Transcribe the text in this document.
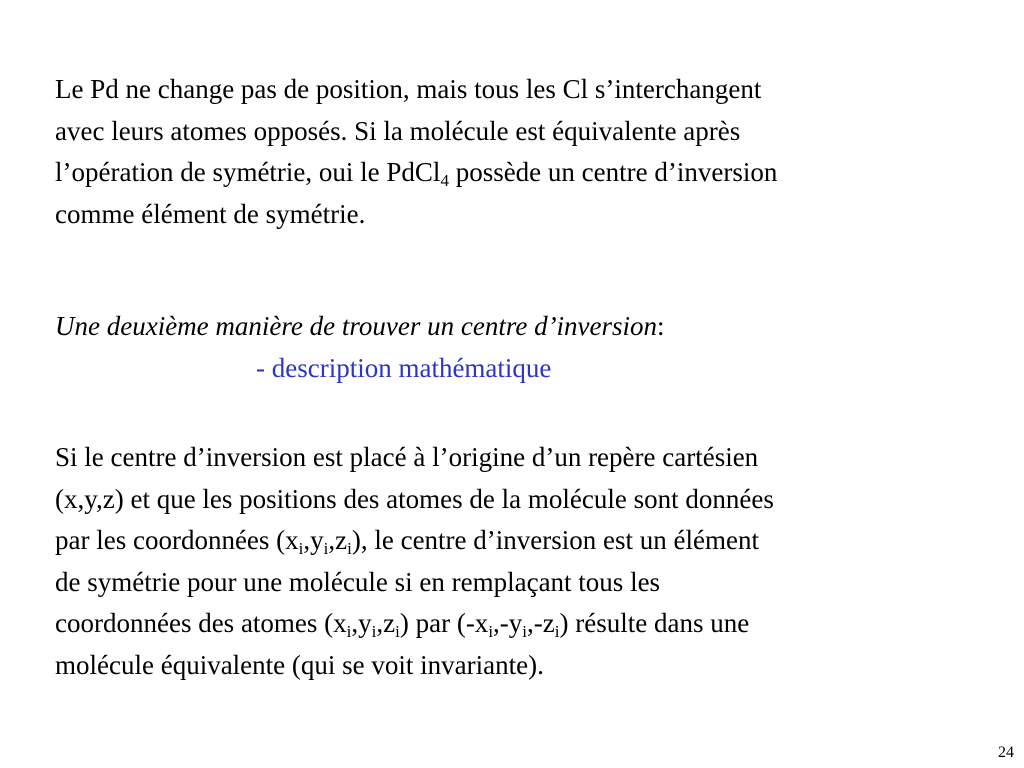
Le Pd ne change pas de position, mais tous les Cl s’interchangent
avec leurs atomes opposés. Si la molécule est équivalente après
l’opération de symétrie, oui le PdCl$_4$ possède un centre d’inversion
comme élément de symétrie.

Une deuxième manière de trouver un centre d’inversion:
- description mathématique

Si le centre d’inversion est placé à l’origine d’un repère cartésien
(x,y,z) et que les positions des atomes de la molécule sont données
par les coordonnées $(x_i,y_i,z_i)$, le centre d’inversion est un élément
de symétrie pour une molécule si en remplaçant tous les
coordonnées des atomes $(x_i,y_i,z_i)$ par $(-x_i,-y_i,-z_i)$ résulte dans une
molécule équivalente (qui se voit invariante).

24
